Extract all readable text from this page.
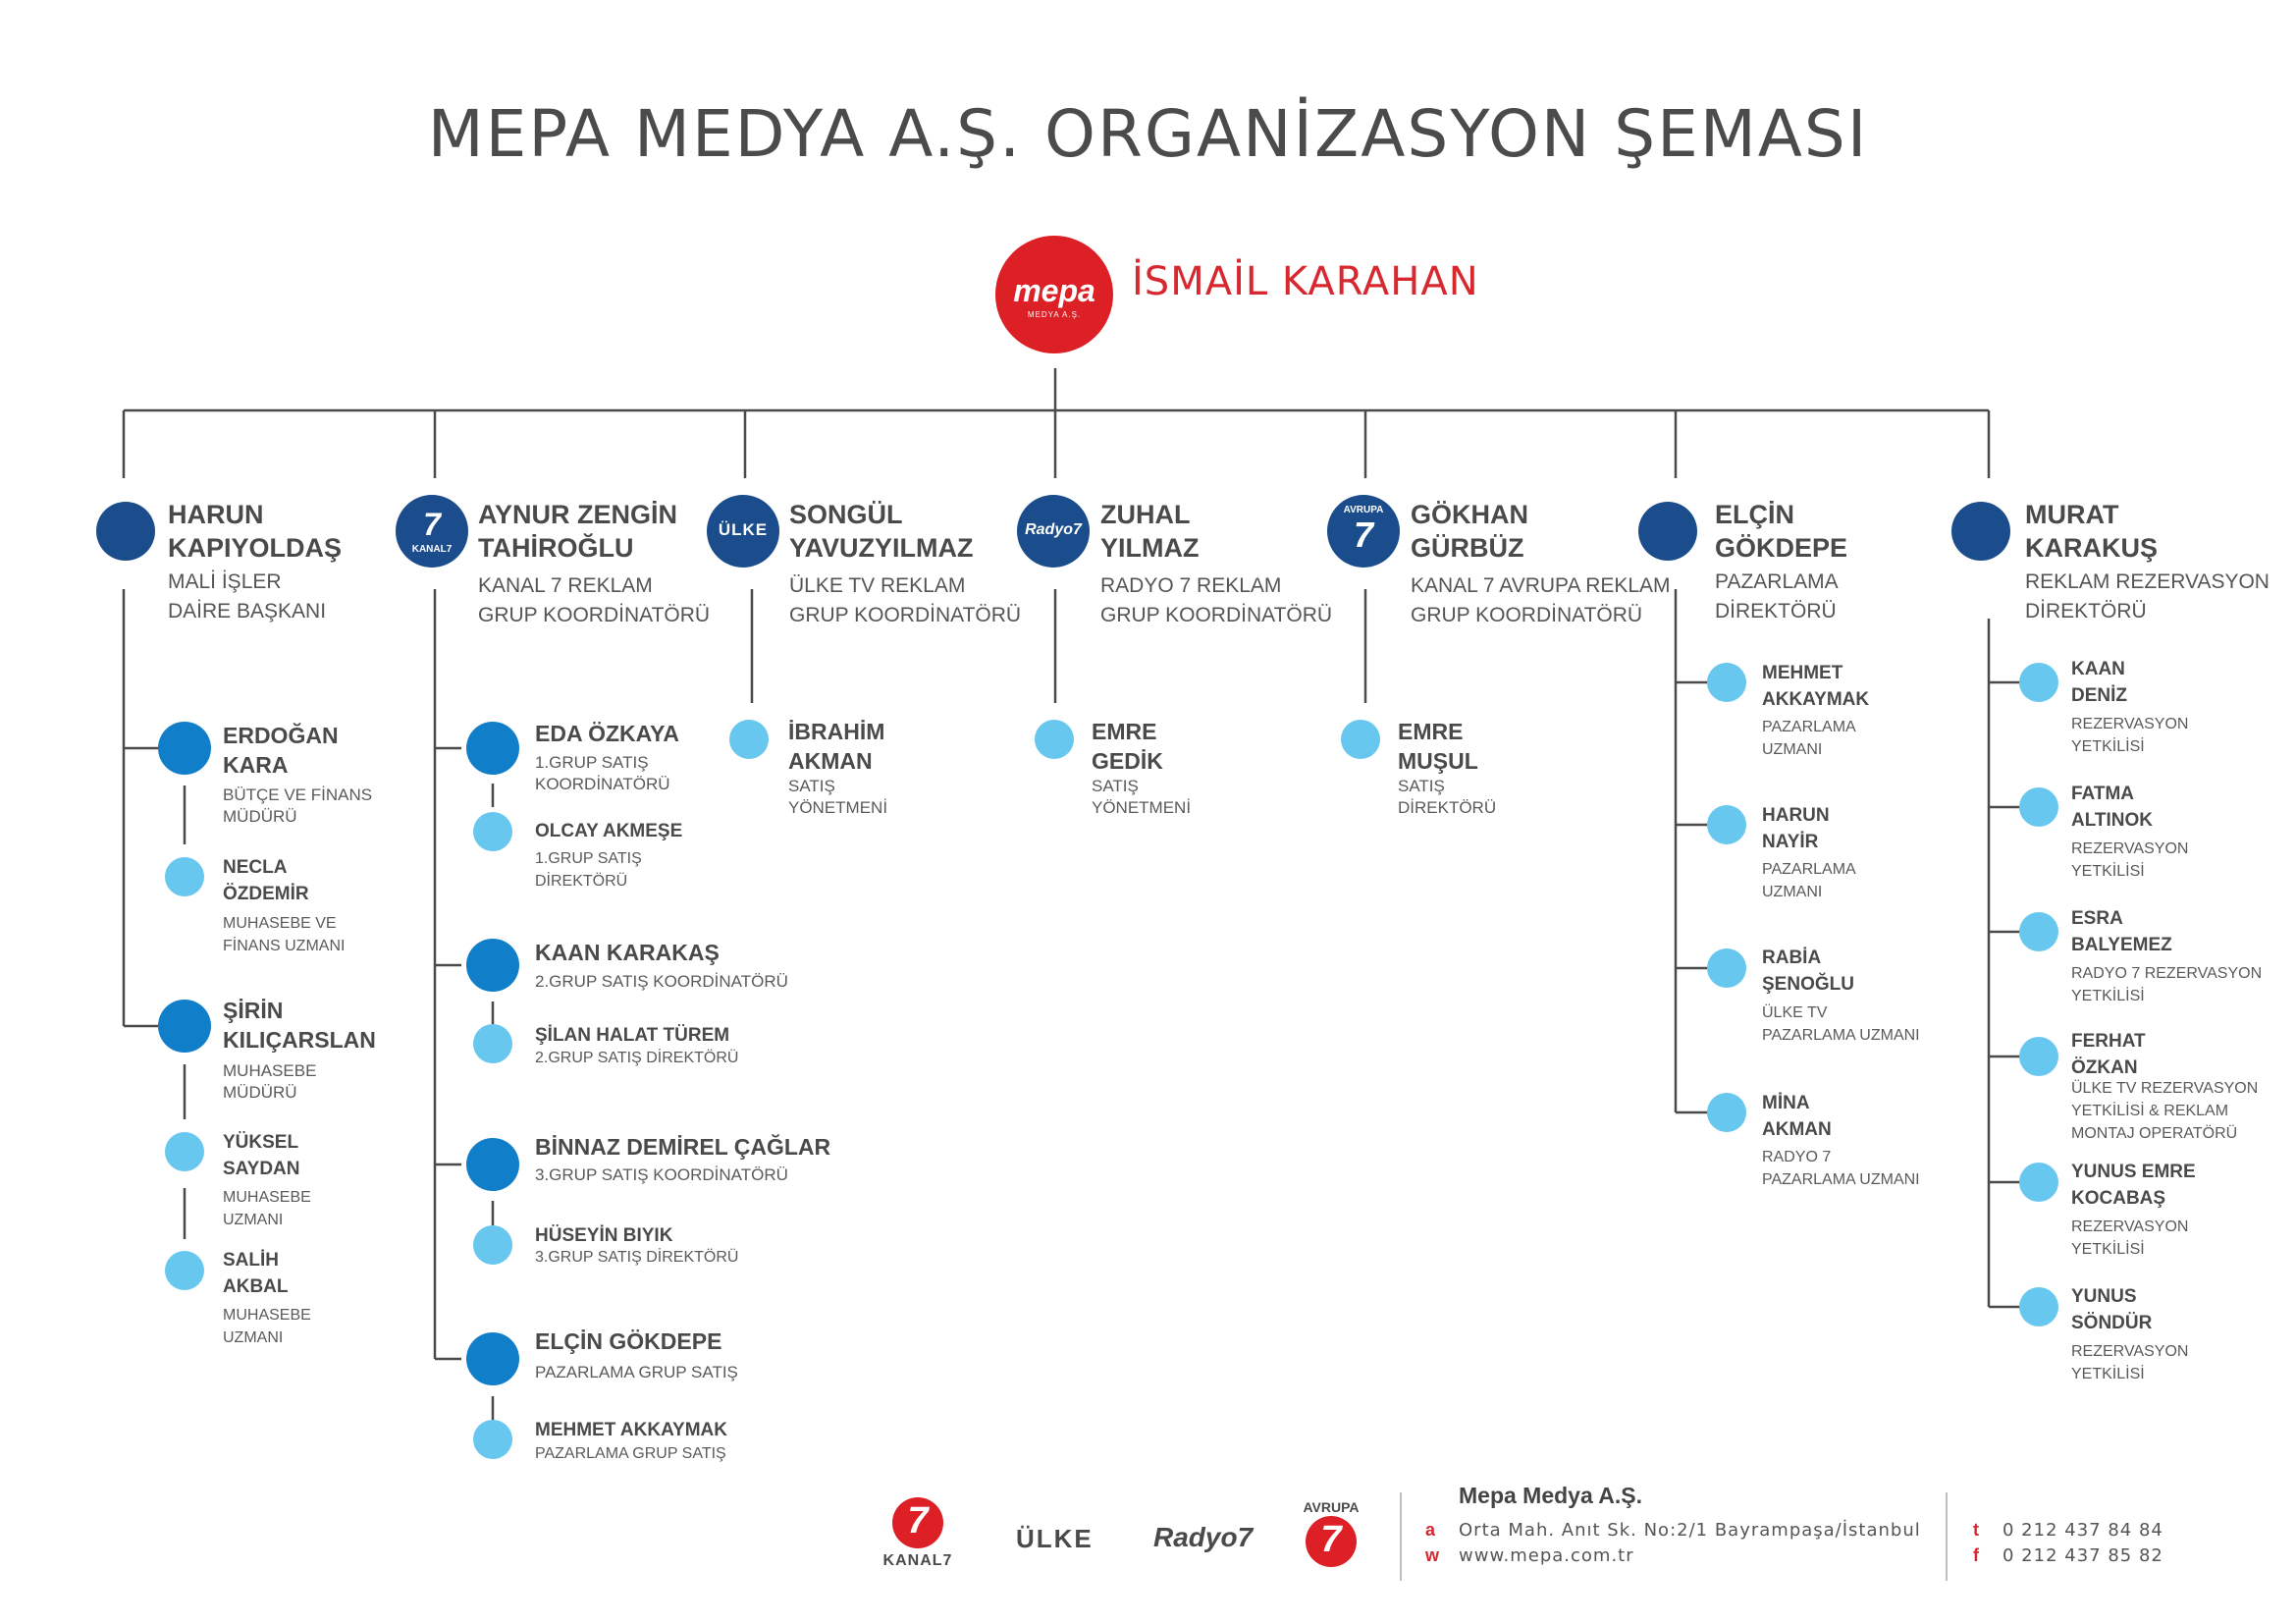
MEPA MEDYA A.Ş. ORGANİZASYON ŞEMASI
mepa
MEDYA A.Ş.
İSMAİL KARAHAN
HARUN
KAPIYOLDAŞ
MALİ İŞLER
DAİRE BAŞKANI
7
KANAL7
AYNUR ZENGİN
TAHİROĞLU
KANAL 7 REKLAM
GRUP KOORDİNATÖRÜ
ÜLKE
SONGÜL
YAVUZYILMAZ
ÜLKE TV REKLAM
GRUP KOORDİNATÖRÜ
Radyo7
ZUHAL
YILMAZ
RADYO 7 REKLAM
GRUP KOORDİNATÖRÜ
AVRUPA
7	GÖKHAN
GÜRBÜZ
KANAL 7 AVRUPA REKLAM
GRUP KOORDİNATÖRÜ
ELÇİN
GÖKDEPE
PAZARLAMA
DİREKTÖRÜ
MURAT
KARAKUŞ
REKLAM REZERVASYON
DİREKTÖRÜ
ERDOĞAN
KARA
BÜTÇE VE FİNANS
MÜDÜRÜ
NECLA
ÖZDEMİR
MUHASEBE VE
FİNANS UZMANI
ŞİRİN
KILIÇARSLAN
MUHASEBE
MÜDÜRÜ
YÜKSEL
SAYDAN
MUHASEBE
UZMANI
SALİH
AKBAL
MUHASEBE
UZMANI
EDA ÖZKAYA
1.GRUP SATIŞ
KOORDİNATÖRÜ
OLCAY AKMEŞE
1.GRUP SATIŞ
DİREKTÖRÜ
KAAN KARAKAŞ
2.GRUP SATIŞ KOORDİNATÖRÜ
ŞİLAN HALAT TÜREM
2.GRUP SATIŞ DİREKTÖRÜ
BİNNAZ DEMİREL ÇAĞLAR
3.GRUP SATIŞ KOORDİNATÖRÜ
HÜSEYİN BIYIK
3.GRUP SATIŞ DİREKTÖRÜ
ELÇİN GÖKDEPE
PAZARLAMA GRUP SATIŞ
MEHMET AKKAYMAK
PAZARLAMA GRUP SATIŞ
İBRAHİM
AKMAN
SATIŞ
YÖNETMENİ
EMRE
GEDİK
SATIŞ
YÖNETMENİ
EMRE
MUŞUL
SATIŞ
DİREKTÖRÜ
MEHMET
AKKAYMAK
PAZARLAMA
UZMANI
HARUN
NAYİR
PAZARLAMA
UZMANI
RABİA
ŞENOĞLU
ÜLKE TV
PAZARLAMA UZMANI
MİNA
AKMAN
RADYO 7
PAZARLAMA UZMANI
KAAN
DENİZ
REZERVASYON
YETKİLİSİ
FATMA
ALTINOK
REZERVASYON
YETKİLİSİ
ESRA
BALYEMEZ
RADYO 7 REZERVASYON
YETKİLİSİ
FERHAT
ÖZKAN
ÜLKE TV REZERVASYON
YETKİLİSİ & REKLAM
MONTAJ OPERATÖRÜ
YUNUS EMRE
KOCABAŞ
REZERVASYON
YETKİLİSİ
YUNUS
SÖNDÜR
REZERVASYON
YETKİLİSİ
7
KANAL7
ÜLKE Radyo7
AVRUPA
7
Mepa Medya A.Ş.
a Orta Mah. Anıt Sk. No:2/1 Bayrampaşa/İstanbul
w www.mepa.com.tr
t 0 212 437 84 84
f 0 212 437 85 82
